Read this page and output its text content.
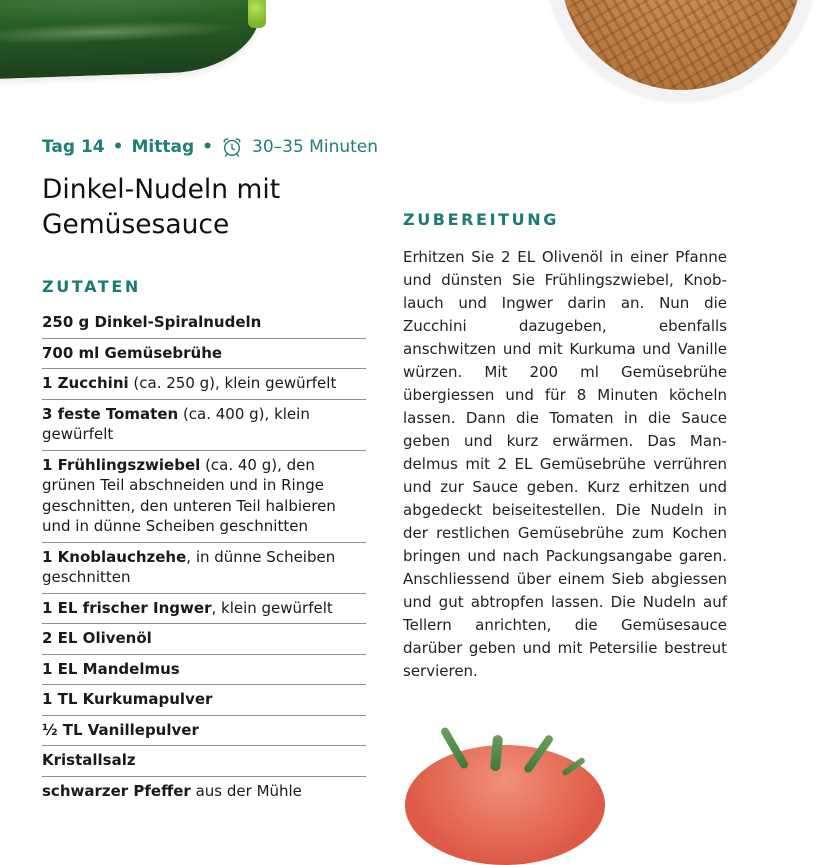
Tag 14 • Mittag • 30–35 Minuten
Dinkel-Nudeln mit Gemüsesauce
ZUTATEN
250 g Dinkel-Spiralnudeln
700 ml Gemüsebrühe
1 Zucchini (ca. 250 g), klein gewürfelt
3 feste Tomaten (ca. 400 g), klein gewürfelt
1 Frühlingszwiebel (ca. 40 g), den grünen Teil abschneiden und in Ringe geschnitten, den unteren Teil halbieren und in dünne Scheiben geschnitten
1 Knoblauchzehe, in dünne Scheiben geschnitten
1 EL frischer Ingwer, klein gewürfelt
2 EL Olivenöl
1 EL Mandelmus
1 TL Kurkumapulver
½ TL Vanillepulver
Kristallsalz
schwarzer Pfeffer aus der Mühle
ZUBEREITUNG

Erhitzen Sie 2 EL Olivenöl in einer Pfanne und dünsten Sie Frühlingszwiebel, Knoblauch und Ingwer darin an. Nun die Zucchini dazugeben, ebenfalls anschwitzen und mit Kurkuma und Vanille würzen. Mit 200 ml Gemüsebrühe übergiessen und für 8 Minuten köcheln lassen. Dann die Tomaten in die Sauce geben und kurz erwärmen. Das Mandelmus mit 2 EL Gemüsebrühe verrühren und zur Sauce geben. Kurz erhitzen und abgedeckt beiseitestellen. Die Nudeln in der restlichen Gemüsebrühe zum Kochen bringen und nach Packungsangabe garen. Anschliessend über einem Sieb abgiessen und gut abtropfen lassen. Die Nudeln auf Tellern anrichten, die Gemüsesauce darüber geben und mit Petersilie bestreut servieren.
